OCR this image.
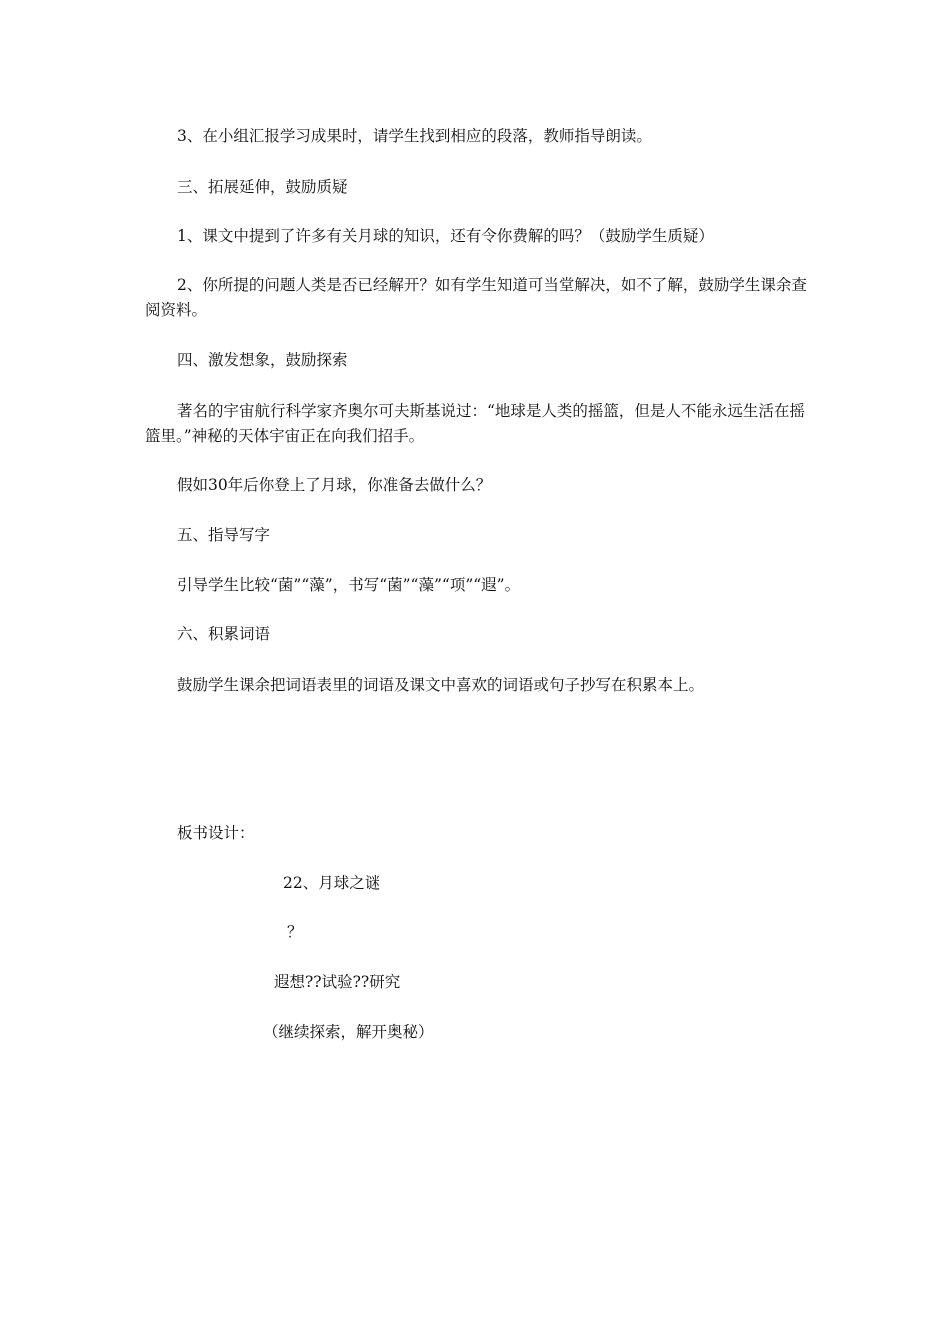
3、在小组汇报学习成果时，请学生找到相应的段落，教师指导朗读。

三、拓展延伸，鼓励质疑

1、课文中提到了许多有关月球的知识，还有令你费解的吗？（鼓励学生质疑）

2、你所提的问题人类是否已经解开？如有学生知道可当堂解决，如不了解，鼓励学生课余查阅资料。

四、激发想象，鼓励探索

著名的宇宙航行科学家齐奥尔可夫斯基说过：“地球是人类的摇篮，但是人不能永远生活在摇篮里。”神秘的天体宇宙正在向我们招手。

假如30年后你登上了月球，你准备去做什么？

五、指导写字

引导学生比较“菌”“藻”，书写“菌”“藻”“项”“遐”。

六、积累词语

鼓励学生课余把词语表里的词语及课文中喜欢的词语或句子抄写在积累本上。

板书设计：

22、月球之谜

？

遐想??试验??研究

（继续探索，解开奥秘）
